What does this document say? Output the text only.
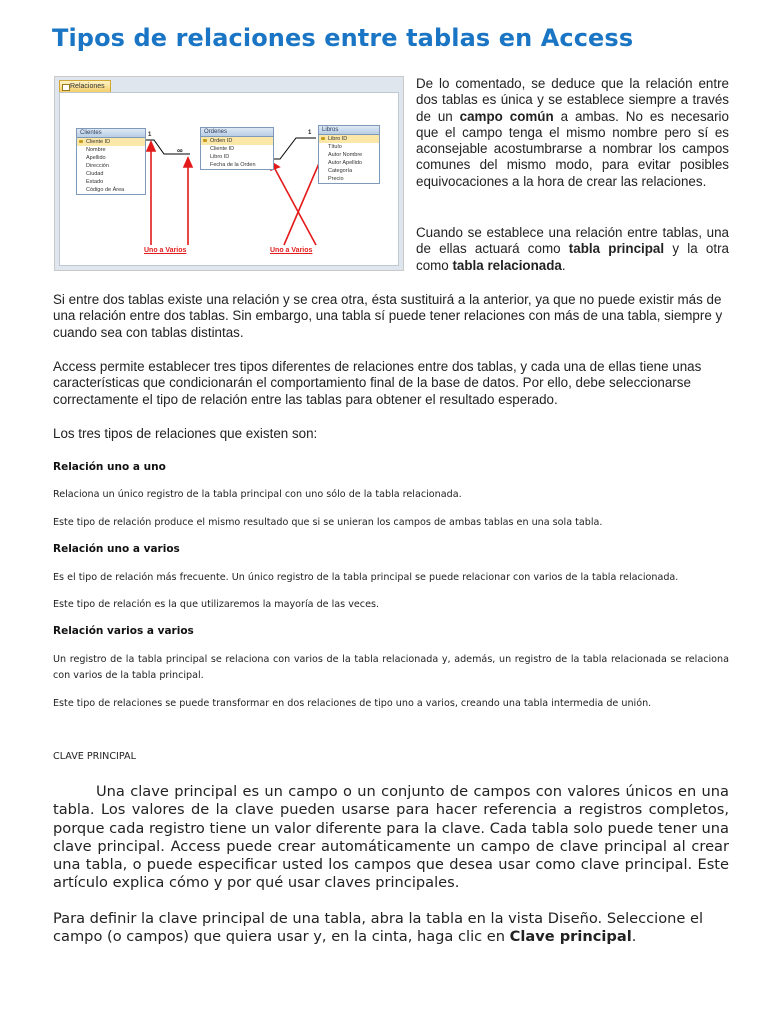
Tipos de relaciones entre tablas en Access
Relaciones
1
∞
1
Clientes
Cliente ID
Nombre
Apellido
Dirección
Ciudad
Estado
Código de Área
Ordenes
Orden ID
Cliente ID
Libro ID
Fecha de la Orden
Libros
Libro ID
Título
Autor Nombre
Autor Apellido
Categoría
Precio
Uno a Varios	Uno a Varios

De lo comentado, se deduce que la relación entre dos tablas es única y se establece siempre a través de un campo común a ambas. No es necesario que el campo tenga el mismo nombre pero sí es aconsejable acostumbrarse a nombrar los campos comunes del mismo modo, para evitar posibles equivocaciones a la hora de crear las relaciones.

Cuando se establece una relación entre tablas, una de ellas actuará como tabla principal y la otra como tabla relacionada.

Si entre dos tablas existe una relación y se crea otra, ésta sustituirá a la anterior, ya que no puede existir más de una relación entre dos tablas. Sin embargo, una tabla sí puede tener relaciones con más de una tabla, siempre y cuando sea con tablas distintas.

Access permite establecer tres tipos diferentes de relaciones entre dos tablas, y cada una de ellas tiene unas características que condicionarán el comportamiento final de la base de datos. Por ello, debe seleccionarse correctamente el tipo de relación entre las tablas para obtener el resultado esperado.

Los tres tipos de relaciones que existen son:

Relación uno a uno

Relaciona un único registro de la tabla principal con uno sólo de la tabla relacionada.

Este tipo de relación produce el mismo resultado que si se unieran los campos de ambas tablas en una sola tabla.

Relación uno a varios

Es el tipo de relación más frecuente. Un único registro de la tabla principal se puede relacionar con varios de la tabla relacionada.

Este tipo de relación es la que utilizaremos la mayoría de las veces.

Relación varios a varios

Un registro de la tabla principal se relaciona con varios de la tabla relacionada y, además, un registro de la tabla relacionada se relaciona con varios de la tabla principal.

Este tipo de relaciones se puede transformar en dos relaciones de tipo uno a varios, creando una tabla intermedia de unión.

CLAVE PRINCIPAL

Una clave principal es un campo o un conjunto de campos con valores únicos en una tabla. Los valores de la clave pueden usarse para hacer referencia a registros completos, porque cada registro tiene un valor diferente para la clave. Cada tabla solo puede tener una clave principal. Access puede crear automáticamente un campo de clave principal al crear una tabla, o puede especificar usted los campos que desea usar como clave principal. Este artículo explica cómo y por qué usar claves principales.

Para definir la clave principal de una tabla, abra la tabla en la vista Diseño. Seleccione el campo (o campos) que quiera usar y, en la cinta, haga clic en Clave principal.
